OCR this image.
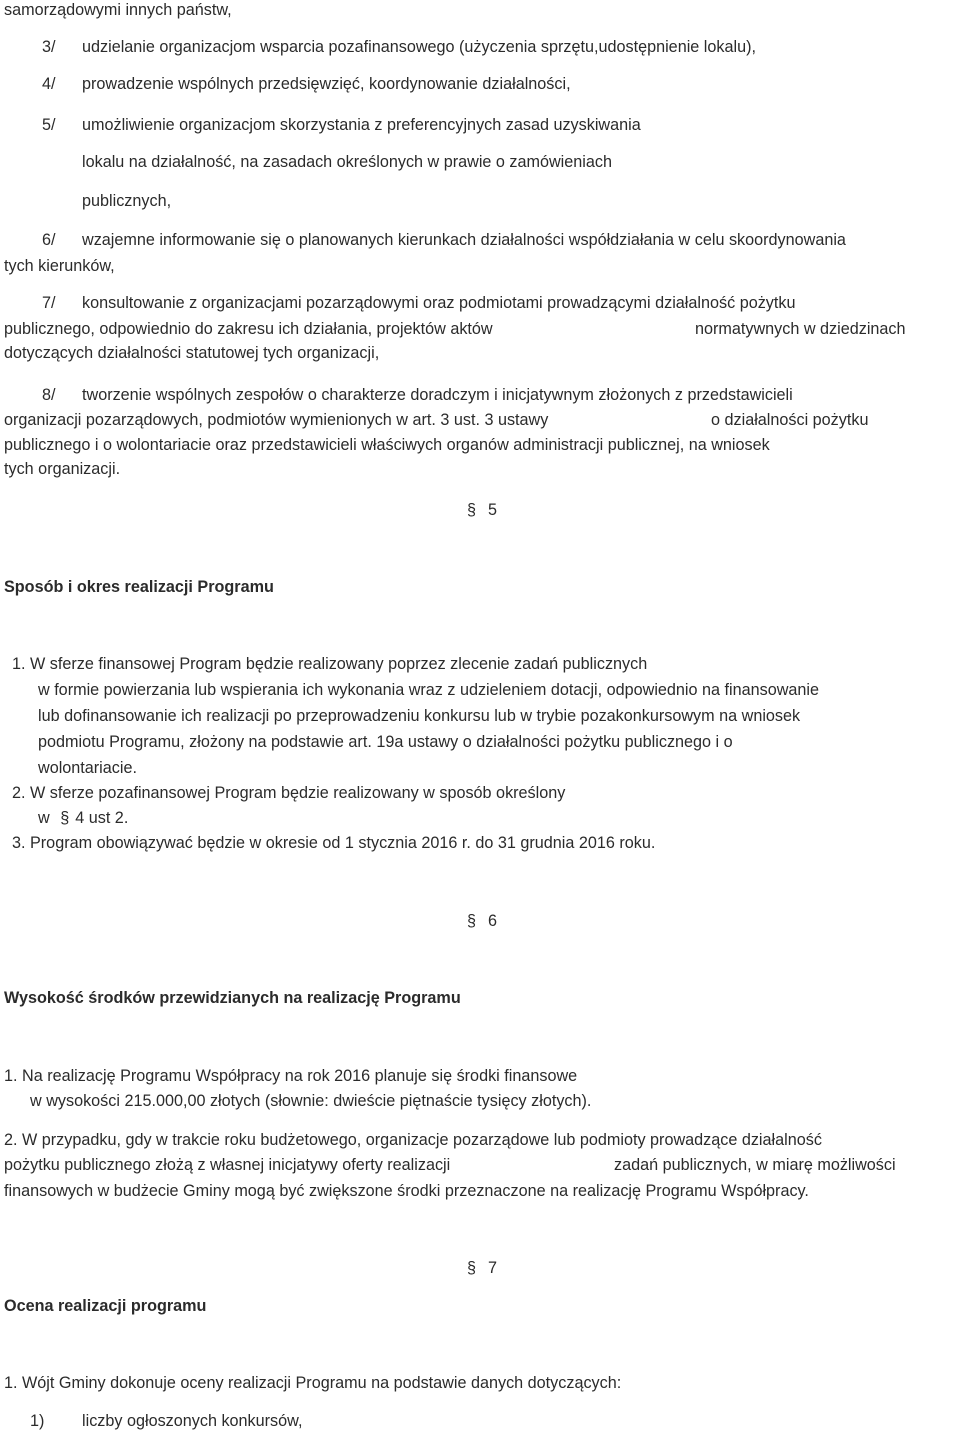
samorządowymi innych państw,
3/ udzielanie organizacjom wsparcia pozafinansowego (użyczenia sprzętu,udostępnienie lokalu),
4/ prowadzenie wspólnych przedsięwzięć, koordynowanie działalności,
5/ umożliwienie organizacjom skorzystania z preferencyjnych zasad uzyskiwania
lokalu na działalność, na zasadach określonych w prawie o zamówieniach
publicznych,
6/ wzajemne informowanie się o planowanych kierunkach działalności współdziałania w celu skoordynowania
tych kierunków,
7/ konsultowanie z organizacjami pozarządowymi oraz podmiotami prowadzącymi działalność pożytku
publicznego, odpowiednio do zakresu ich działania, projektów aktów	normatywnych w dziedzinach
dotyczących działalności statutowej tych organizacji,
8/ tworzenie wspólnych zespołów o charakterze doradczym i inicjatywnym złożonych z przedstawicieli
organizacji pozarządowych, podmiotów wymienionych w art. 3 ust. 3 ustawy	o działalności pożytku
publicznego i o wolontariacie oraz przedstawicieli właściwych organów administracji publicznej, na wniosek
tych organizacji.
§ 5
Sposób i okres realizacji Programu
1. W sferze finansowej Program będzie realizowany poprzez zlecenie zadań publicznych
w formie powierzania lub wspierania ich wykonania wraz z udzieleniem dotacji, odpowiednio na finansowanie
lub dofinansowanie ich realizacji po przeprowadzeniu konkursu lub w trybie pozakonkursowym na wniosek
podmiotu Programu, złożony na podstawie art. 19a ustawy o działalności pożytku publicznego i o
wolontariacie.
2. W sferze pozafinansowej Program będzie realizowany w sposób określony
w § 4 ust 2.
3. Program obowiązywać będzie w okresie od 1 stycznia 2016 r. do 31 grudnia 2016 roku.
§ 6
Wysokość środków przewidzianych na realizację Programu
1. Na realizację Programu Współpracy na rok 2016 planuje się środki finansowe
w wysokości 215.000,00 złotych (słownie: dwieście piętnaście tysięcy złotych).
2. W przypadku, gdy w trakcie roku budżetowego, organizacje pozarządowe lub podmioty prowadzące działalność
pożytku publicznego złożą z własnej inicjatywy oferty realizacji	zadań publicznych, w miarę możliwości
finansowych w budżecie Gminy mogą być zwiększone środki przeznaczone na realizację Programu Współpracy.
§ 7
Ocena realizacji programu
1. Wójt Gminy dokonuje oceny realizacji Programu na podstawie danych dotyczących:
1) liczby ogłoszonych konkursów,
